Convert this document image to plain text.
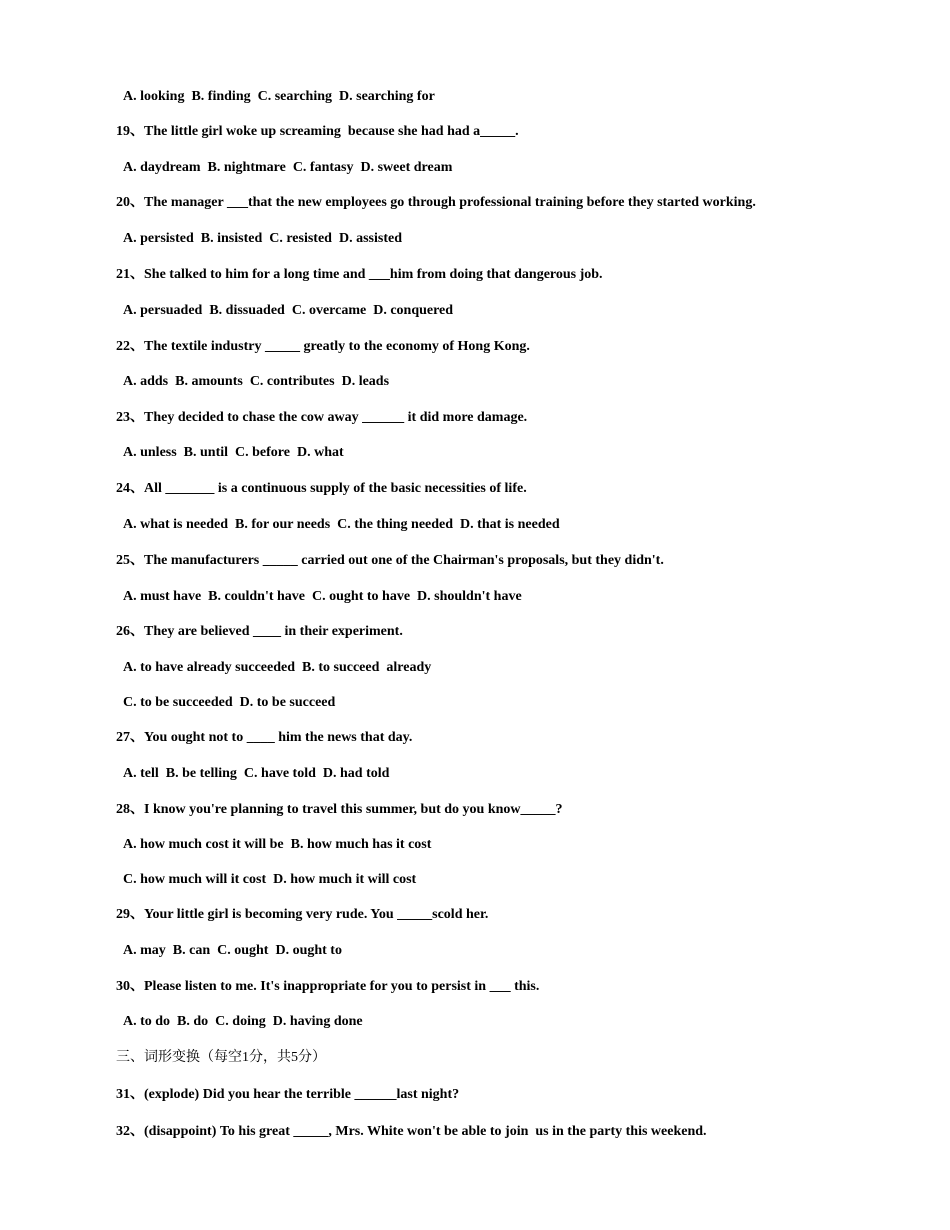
A. looking  B. finding  C. searching  D. searching for
19、The little girl woke up screaming  because she had had a_____.
A. daydream  B. nightmare  C. fantasy  D. sweet dream
20、The manager ___that the new employees go through professional training before they started working.
A. persisted  B. insisted  C. resisted  D. assisted
21、She talked to him for a long time and ___him from doing that dangerous job.
A. persuaded  B. dissuaded  C. overcame  D. conquered
22、The textile industry _____ greatly to the economy of Hong Kong.
A. adds  B. amounts  C. contributes  D. leads
23、They decided to chase the cow away ______ it did more damage.
A. unless  B. until  C. before  D. what
24、All _______ is a continuous supply of the basic necessities of life.
A. what is needed  B. for our needs  C. the thing needed  D. that is needed
25、The manufacturers _____ carried out one of the Chairman's proposals, but they didn't.
A. must have  B. couldn't have  C. ought to have  D. shouldn't have
26、They are believed ____ in their experiment.
A. to have already succeeded  B. to succeed  already
C. to be succeeded  D. to be succeed
27、You ought not to ____ him the news that day.
A. tell  B. be telling  C. have told  D. had told
28、I know you're planning to travel this summer, but do you know_____?
A. how much cost it will be  B. how much has it cost
C. how much will it cost  D. how much it will cost
29、Your little girl is becoming very rude. You _____scold her.
A. may  B. can  C. ought  D. ought to
30、Please listen to me. It's inappropriate for you to persist in ___ this.
A. to do  B. do  C. doing  D. having done
三、词形变换（每空1分，共5分）
31、(explode) Did you hear the terrible ______last night?
32、(disappoint) To his great _____, Mrs. White won't be able to join  us in the party this weekend.
